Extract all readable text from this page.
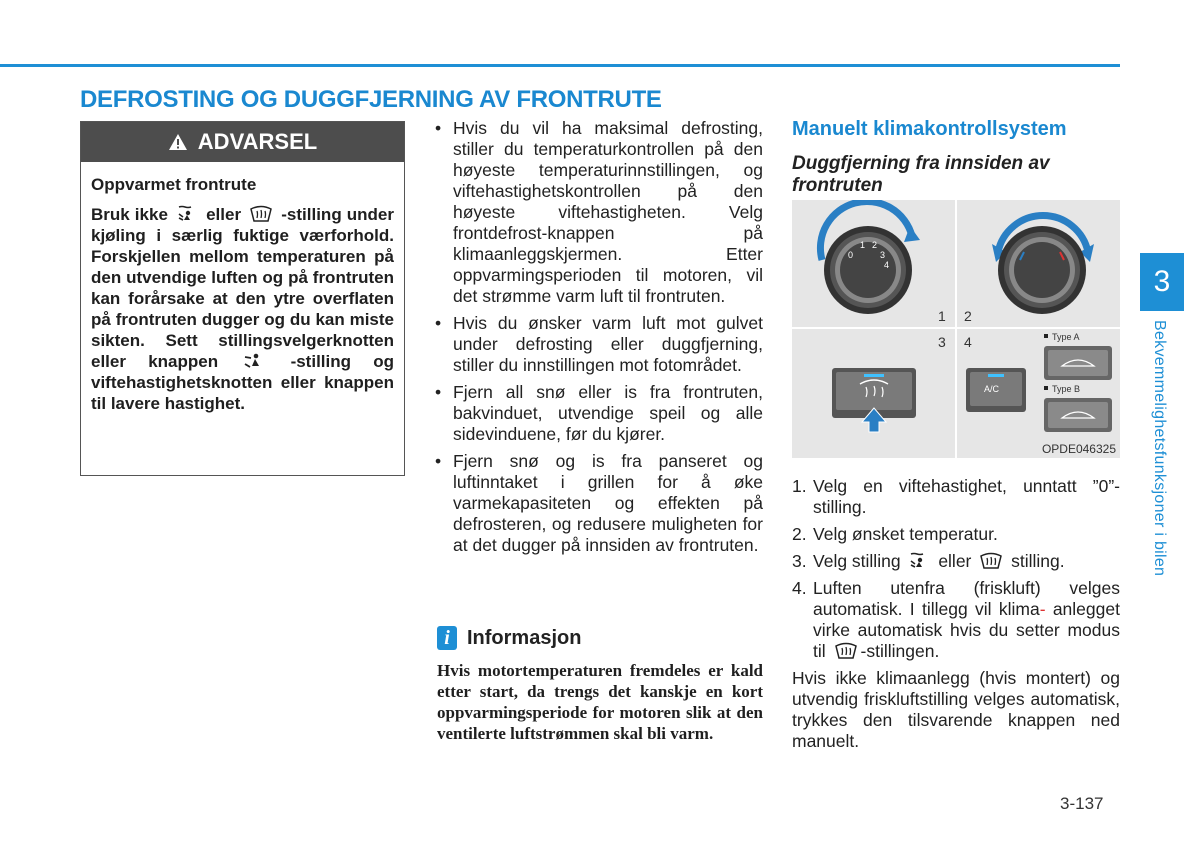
DEFROSTING OG DUGGFJERNING AV FRONTRUTE
ADVARSEL
Oppvarmet frontrute
Bruk ikke eller -stilling under kjøling i særlig fuktige værforhold. Forskjellen mellom temperaturen på den utvendige luften og på frontruten kan forårsake at den ytre overflaten på frontruten dugger og du kan miste sikten. Sett stillingsvelgerknotten eller knappen	-stilling og viftehastighetsknotten eller knappen til lavere hastighet.
• Hvis du vil ha maksimal defrosting, stiller du temperaturkontrollen på den høyeste temperaturinnstillingen, og viftehastighetskontrollen på den høyeste viftehastigheten. Velg frontdefrost-knappen på klimaanleggskjermen. Etter oppvarmingsperioden til motoren, vil det strømme varm luft til frontruten.
• Hvis du ønsker varm luft mot gulvet under defrosting eller duggfjerning, stiller du innstillingen mot fotområdet.
• Fjern all snø eller is fra frontruten, bakvinduet, utvendige speil og alle sidevinduene, før du kjører.
• Fjern snø og is fra panseret og luftinntaket i grillen for å øke varmekapasiteten og effekten på defrosteren, og redusere muligheten for at det dugger på innsiden av frontruten.
i Informasjon
Hvis motortemperaturen fremdeles er kald etter start, da trengs det kanskje en kort oppvarmingsperiode for motoren slik at den ventilerte luftstrømmen skal bli varm.
Manuelt klimakontrollsystem
Duggfjerning fra innsiden av frontruten
0
1 2
3
4
1 2
3 4
A/C
Type A
Type B
OPDE046325
1. Velg en viftehastighet, unntatt ”0”-stilling.
2. Velg ønsket temperatur.
3. Velg stilling eller stilling.
4. Luften utenfra (friskluft) velges automatisk. I tillegg vil klima- anlegget virke automatisk hvis du setter modus til -stillingen.

Hvis ikke klimaanlegg (hvis montert) og utvendig friskluftstilling velges automatisk, trykkes den tilsvarende knappen ned manuelt.

3
Bekvemmelighetsfunksjoner i bilen
3-137
